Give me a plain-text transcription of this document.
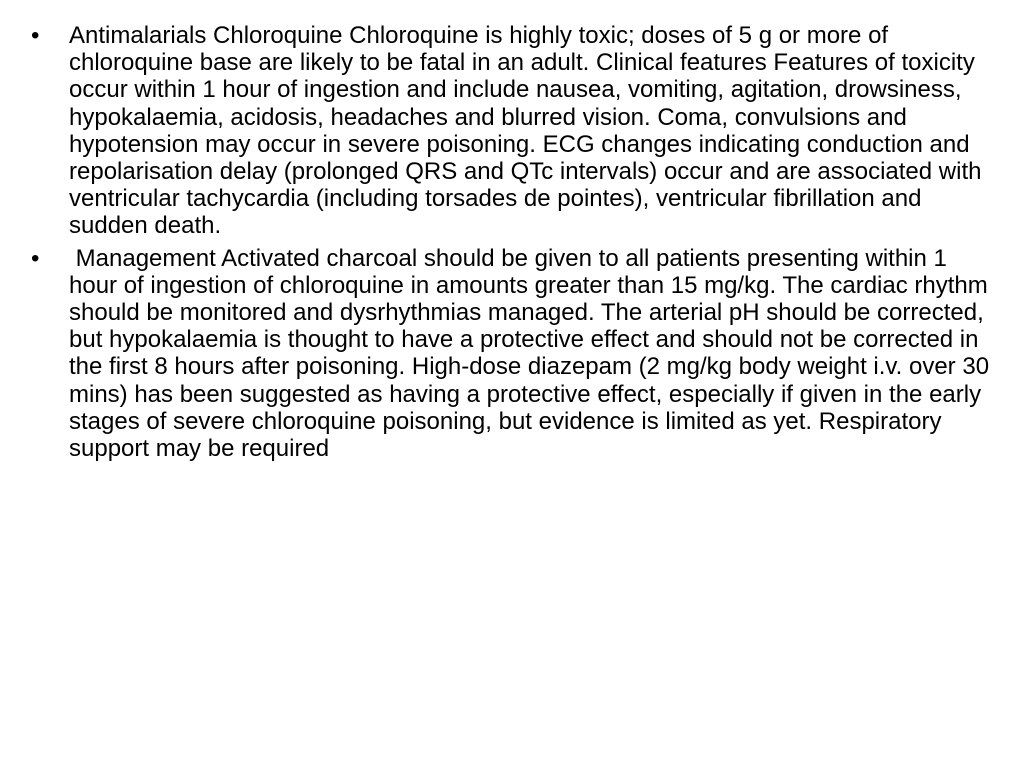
• Antimalarials Chloroquine Chloroquine is highly toxic; doses of 5 g or more of chloroquine base are likely to be fatal in an adult. Clinical features Features of toxicity occur within 1 hour of ingestion and include nausea, vomiting, agitation, drowsiness, hypokalaemia, acidosis, headaches and blurred vision. Coma, convulsions and hypotension may occur in severe poisoning. ECG changes indicating conduction and repolarisation delay (prolonged QRS and QTc intervals) occur and are associated with ventricular tachycardia (including torsades de pointes), ventricular fibrillation and sudden death.
• Management Activated charcoal should be given to all patients presenting within 1 hour of ingestion of chloroquine in amounts greater than 15 mg/kg. The cardiac rhythm should be monitored and dysrhythmias managed. The arterial pH should be corrected, but hypokalaemia is thought to have a protective effect and should not be corrected in the first 8 hours after poisoning. High-dose diazepam (2 mg/kg body weight i.v. over 30 mins) has been suggested as having a protective effect, especially if given in the early stages of severe chloroquine poisoning, but evidence is limited as yet. Respiratory support may be required
